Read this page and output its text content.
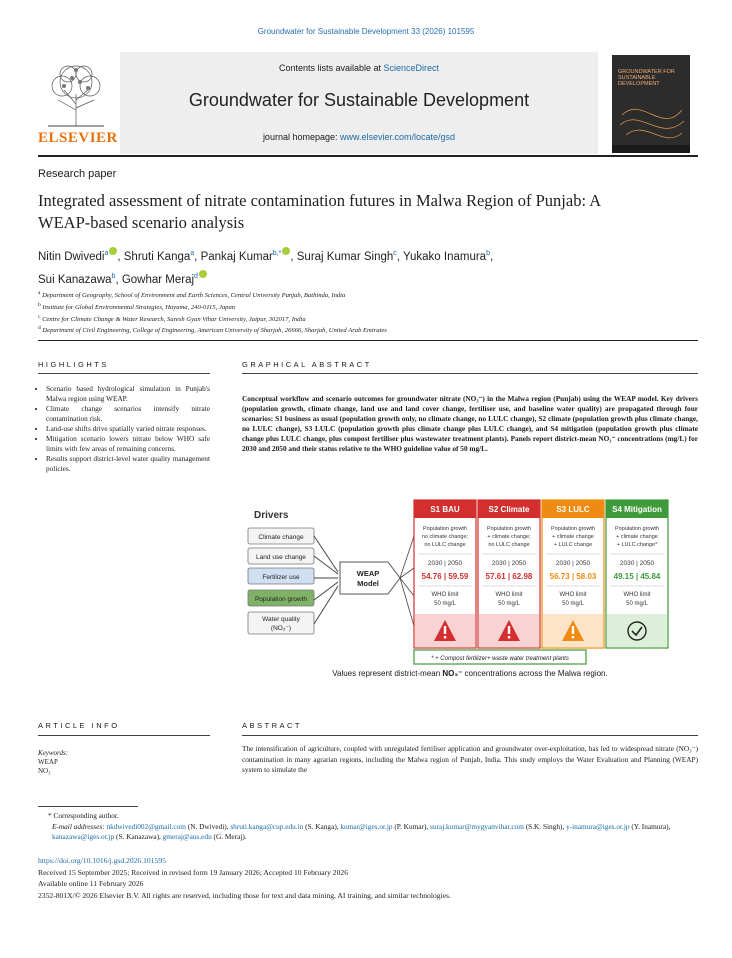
Groundwater for Sustainable Development 33 (2026) 101595
ELSEVIER
Contents lists available at ScienceDirect
Groundwater for Sustainable Development
journal homepage: www.elsevier.com/locate/gsd
GROUNDWATER FOR SUSTAINABLE DEVELOPMENT
Research paper
Integrated assessment of nitrate contamination futures in Malwa Region of Punjab: A WEAP-based scenario analysis
Nitin Dwivedi$^a$ , Shruti Kanga$^a$, Pankaj Kumar$^{b,*}$ , Suraj Kumar Singh$^c$, Yukako Inamura$^b$,
Sui Kanazawa$^b$, Gowhar Meraj$^d$
$^a$ Department of Geography, School of Environment and Earth Sciences, Central University Punjab, Bathinda, India
$^b$ Institute for Global Environmental Strategies, Hayama, 240-0115, Japan
$^c$ Centre for Climate Change & Water Research, Suresh Gyan Vihar University, Jaipur, 302017, India
$^d$ Department of Civil Engineering, College of Engineering, American University of Sharjah, 26666, Sharjah, United Arab Emirates
HIGHLIGHTS
• Scenario based hydrological simulation in Punjab's Malwa region using WEAP.
• Climate change scenarios intensify nitrate contamination risk.
• Land-use shifts drive spatially varied nitrate responses.
• Mitigation scenario lowers nitrate below WHO safe limits with few areas of remaining concerns.
• Results support district-level water quality management policies.
GRAPHICAL ABSTRACT
Conceptual workflow and scenario outcomes for groundwater nitrate (NO₃⁻) in the Malwa region (Punjab) using the WEAP model. Key drivers (population growth, climate change, land use and land cover change, fertiliser use, and baseline water quality) are propagated through four scenarios: S1 business as usual (population growth only, no climate change, no LULC change), S2 climate (population growth plus climate change, no LULC change), S3 LULC (population growth plus climate change plus LULC change), and S4 mitigation (population growth plus climate change plus LULC change, plus compost fertiliser plus wastewater treatment plants). Panels report district-mean NO₃⁻ concentrations (mg/L) for 2030 and 2050 and their status relative to the WHO guideline value of 50 mg/L.
Drivers
Climate change
Land use change
Fertilizer use
Population growth
Water quality
(NO₃⁻)
WEAP
Model
S1 BAU
Population growth
no climate change;
no LULC change
2030 | 2050
54.76 | 59.59
WHO limit
50 mg/L
S2 Climate
Population growth
+ climate change;
no LULC change
2030 | 2050
57.61 | 62.98
WHO limit
50 mg/L
S3 LULC
Population growth
+ climate change
+ LULC change
2030 | 2050
56.73 | 58.03
WHO limit
50 mg/L
S4 Mitigation
Population growth
+ climate change
+ LULC change*
2030 | 2050
49.15 | 45.84
WHO limit
50 mg/L
* + Compost fertilizer+ waste water treatment plants
Values represent district-mean NO₃⁻ concentrations across the Malwa region.
ARTICLE INFO
Keywords:
WEAP
NO₃
ABSTRACT
The intensification of agriculture, coupled with unregulated fertiliser application and groundwater over-exploitation, has led to widespread nitrate (NO₃⁻) contamination in many agrarian regions, including the Malwa region of Punjab, India. This study employs the Water Evaluation and Planning (WEAP) system to simulate the
* Corresponding author.
E-mail addresses: nkdwivedi002@gmail.com (N. Dwivedi), shruti.kanga@cup.edu.in (S. Kanga), kumar@iges.or.jp (P. Kumar), suraj.kumar@mygyanvihar.com (S.K. Singh), y-inamura@iges.or.jp (Y. Inamura), kanazawa@iges.or.jp (S. Kanazawa), gmeraj@aus.edu (G. Meraj).
https://doi.org/10.1016/j.gsd.2026.101595
Received 15 September 2025; Received in revised form 19 January 2026; Accepted 10 February 2026
Available online 11 February 2026
2352-801X/© 2026 Elsevier B.V. All rights are reserved, including those for text and data mining, AI training, and similar technologies.
